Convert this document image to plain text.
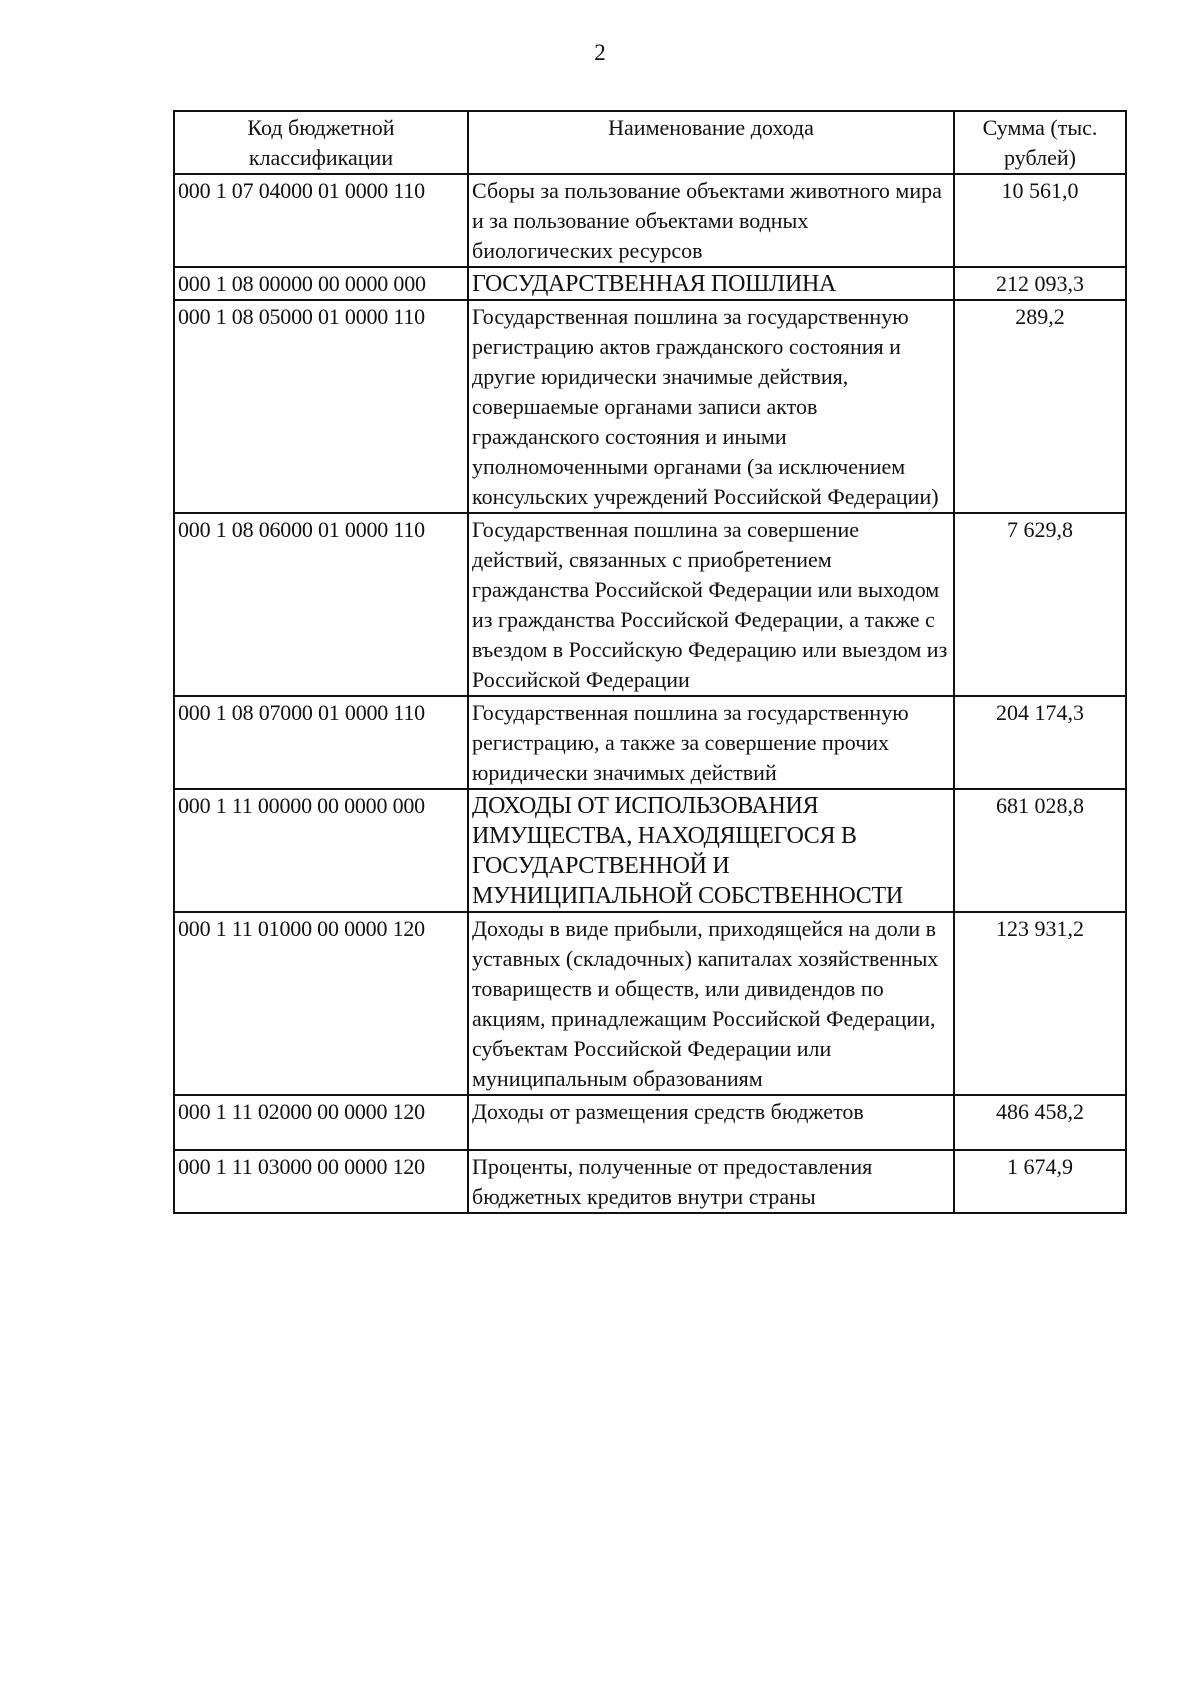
2
Код бюджетной классификации	Наименование дохода	Сумма (тыс. рублей)
000 1 07 04000 01 0000 110	Сборы за пользование объектами животного мира и за пользование объектами водных биологических ресурсов	10 561,0
000 1 08 00000 00 0000 000	ГОСУДАРСТВЕННАЯ ПОШЛИНА	212 093,3
000 1 08 05000 01 0000 110	Государственная пошлина за государственную регистрацию актов гражданского состояния и другие юридически значимые действия, совершаемые органами записи актов гражданского состояния и иными уполномоченными органами (за исключением консульских учреждений Российской Федерации)	289,2
000 1 08 06000 01 0000 110	Государственная пошлина за совершение действий, связанных с приобретением гражданства Российской Федерации или выходом из гражданства Российской Федерации, а также с въездом в Российскую Федерацию или выездом из Российской Федерации	7 629,8
000 1 08 07000 01 0000 110	Государственная пошлина за государственную регистрацию, а также за совершение прочих юридически значимых действий	204 174,3
000 1 11 00000 00 0000 000	ДОХОДЫ ОТ ИСПОЛЬЗОВАНИЯ ИМУЩЕСТВА, НАХОДЯЩЕГОСЯ В ГОСУДАРСТВЕННОЙ И МУНИЦИПАЛЬНОЙ СОБСТВЕННОСТИ	681 028,8
000 1 11 01000 00 0000 120	Доходы в виде прибыли, приходящейся на доли в уставных (складочных) капиталах хозяйственных товариществ и обществ, или дивидендов по акциям, принадлежащим Российской Федерации, субъектам Российской Федерации или муниципальным образованиям	123 931,2
000 1 11 02000 00 0000 120	Доходы от размещения средств бюджетов	486 458,2
000 1 11 03000 00 0000 120	Проценты, полученные от предоставления бюджетных кредитов внутри страны	1 674,9
